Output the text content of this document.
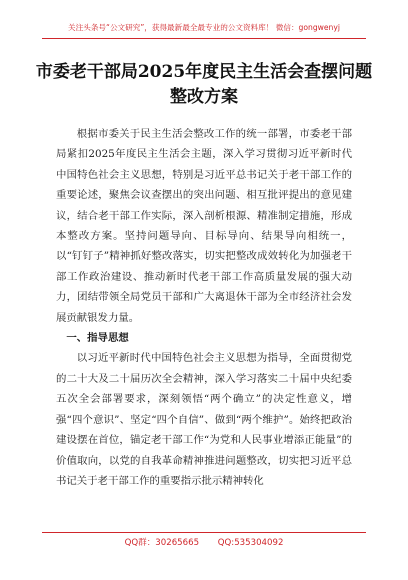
关注头条号“公文研究”，获得最新最全最专业的公文资料库！ 微信：gongwenyj
市委老干部局2025年度民主生活会查摆问题整改方案

根据市委关于民主生活会整改工作的统一部署，市委老干部局紧扣2025年度民主生活会主题，深入学习贯彻习近平新时代中国特色社会主义思想，特别是习近平总书记关于老干部工作的重要论述，聚焦会议查摆出的突出问题、相互批评提出的意见建议，结合老干部工作实际，深入剖析根源、精准制定措施，形成本整改方案。坚持问题导向、目标导向、结果导向相统一，以“钉钉子”精神抓好整改落实，切实把整改成效转化为加强老干部工作政治建设、推动新时代老干部工作高质量发展的强大动力，团结带领全局党员干部和广大离退休干部为全市经济社会发展贡献银发力量。

一、指导思想

以习近平新时代中国特色社会主义思想为指导，全面贯彻党的二十大及二十届历次全会精神，深入学习落实二十届中央纪委五次全会部署要求，深刻领悟“两个确立”的决定性意义，增强“四个意识”、坚定“四个自信”、做到“两个维护”。始终把政治建设摆在首位，锚定老干部工作“为党和人民事业增添正能量”的价值取向，以党的自我革命精神推进问题整改，切实把习近平总书记关于老干部工作的重要指示批示精神转化

QQ群：30265665 QQ:535304092
